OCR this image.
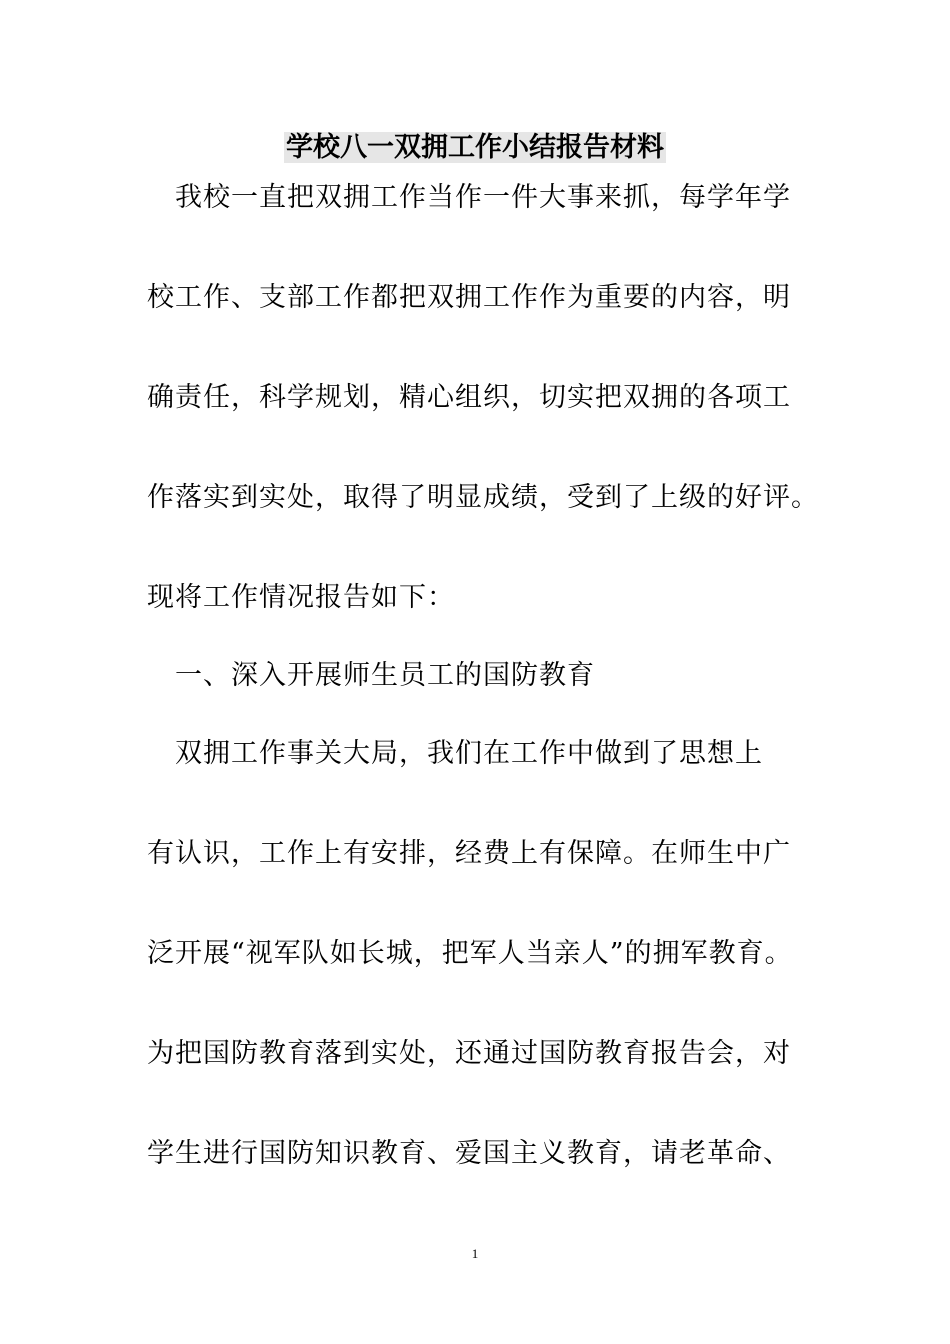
学校八一双拥工作小结报告材料
　我校一直把双拥工作当作一件大事来抓，每学年学
校工作、支部工作都把双拥工作作为重要的内容，明
确责任，科学规划，精心组织，切实把双拥的各项工
作落实到实处，取得了明显成绩，受到了上级的好评。
现将工作情况报告如下：
一、深入开展师生员工的国防教育
双拥工作事关大局，我们在工作中做到了思想上
有认识，工作上有安排，经费上有保障。在师生中广
泛开展“视军队如长城，把军人当亲人”的拥军教育。
为把国防教育落到实处，还通过国防教育报告会，对
学生进行国防知识教育、爱国主义教育，请老革命、
1
